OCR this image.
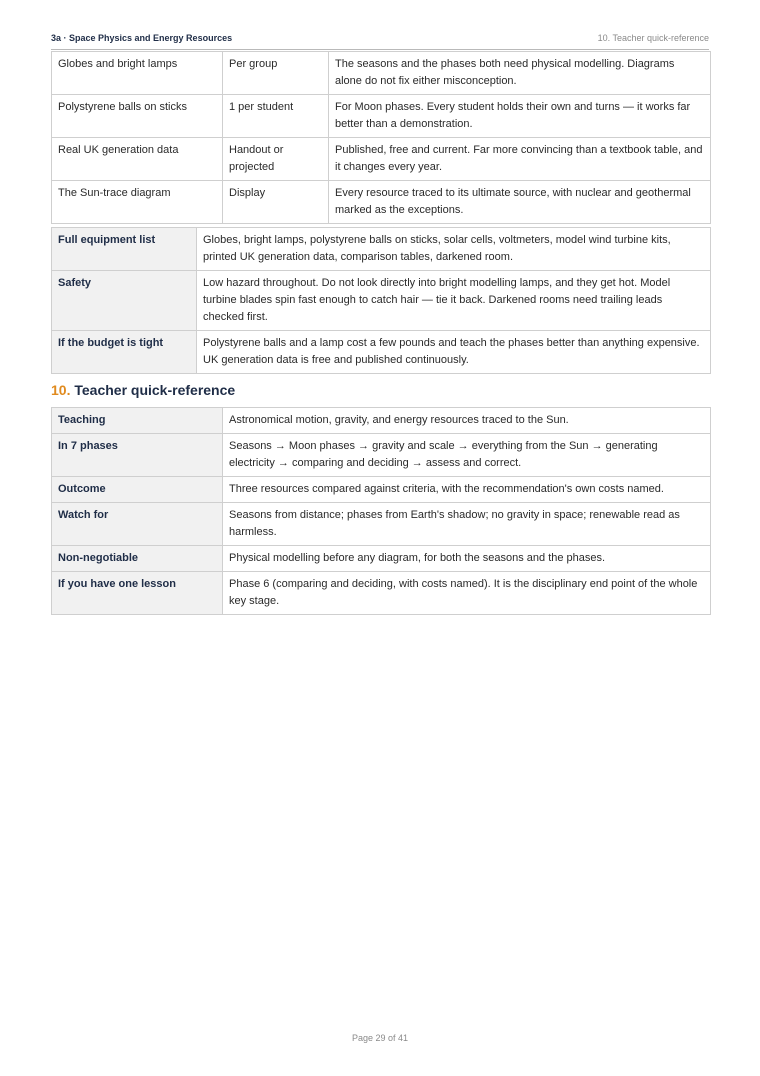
3a · Space Physics and Energy Resources	10. Teacher quick-reference
Globes and bright lamps	Per group	The seasons and the phases both need physical modelling. Diagrams alone do not fix either misconception.
Polystyrene balls on sticks	1 per student	For Moon phases. Every student holds their own and turns — it works far better than a demonstration.
Real UK generation data	Handout or projected	Published, free and current. Far more convincing than a textbook table, and it changes every year.
The Sun-trace diagram	Display	Every resource traced to its ultimate source, with nuclear and geothermal marked as the exceptions.
Full equipment list	Globes, bright lamps, polystyrene balls on sticks, solar cells, voltmeters, model wind turbine kits, printed UK generation data, comparison tables, darkened room.
Safety	Low hazard throughout. Do not look directly into bright modelling lamps, and they get hot. Model turbine blades spin fast enough to catch hair — tie it back. Darkened rooms need trailing leads checked first.
If the budget is tight	Polystyrene balls and a lamp cost a few pounds and teach the phases better than anything expensive. UK generation data is free and published continuously.
10. Teacher quick-reference
Teaching	Astronomical motion, gravity, and energy resources traced to the Sun.
In 7 phases	Seasons → Moon phases → gravity and scale → everything from the Sun → generating electricity → comparing and deciding → assess and correct.
Outcome	Three resources compared against criteria, with the recommendation's own costs named.
Watch for	Seasons from distance; phases from Earth's shadow; no gravity in space; renewable read as harmless.
Non-negotiable	Physical modelling before any diagram, for both the seasons and the phases.
If you have one lesson	Phase 6 (comparing and deciding, with costs named). It is the disciplinary end point of the whole key stage.
Page 29 of 41
